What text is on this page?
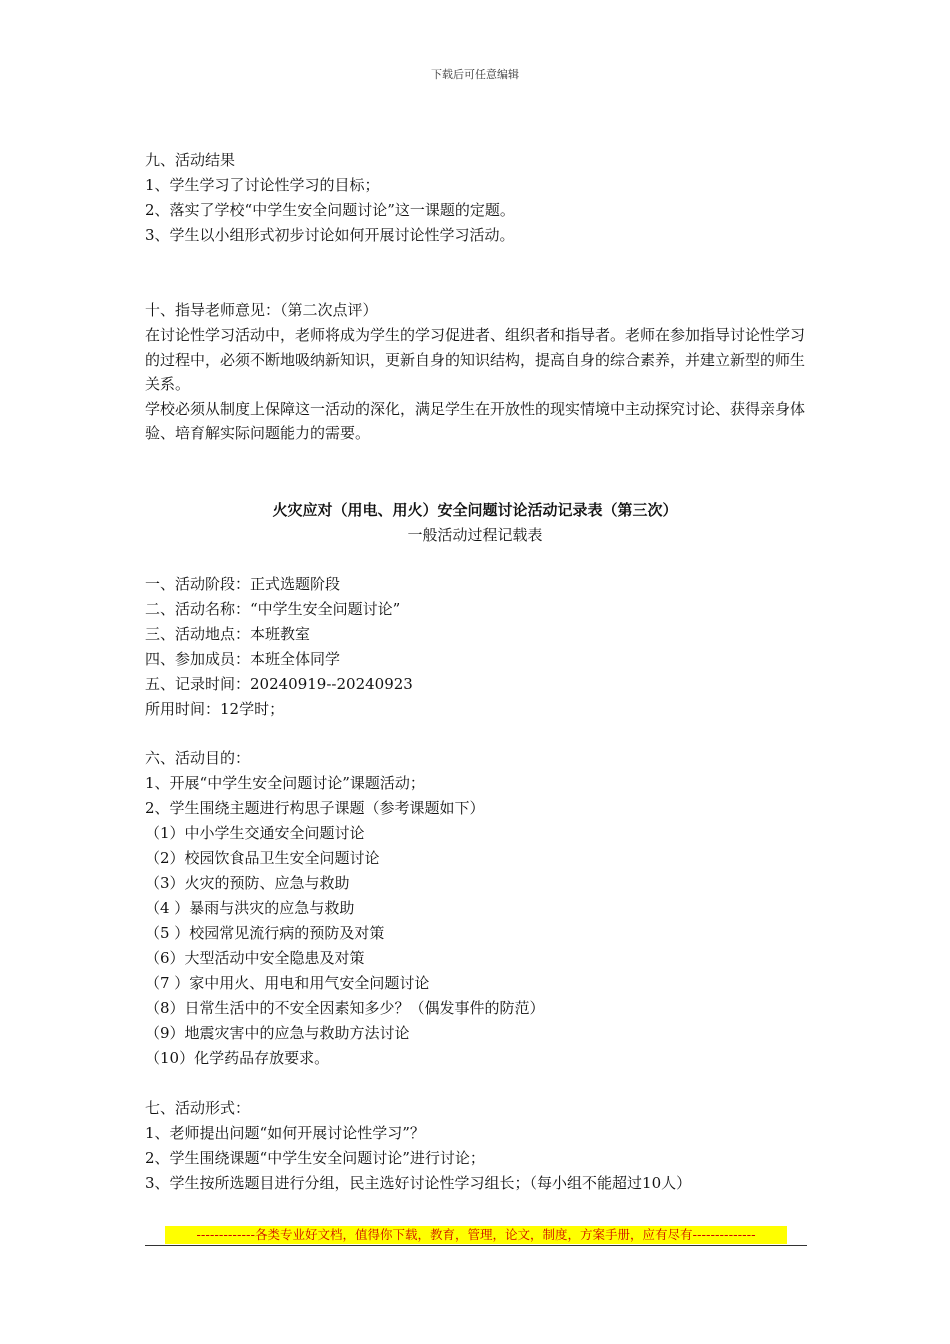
下载后可任意编辑
九、活动结果
1、学生学习了讨论性学习的目标；
2、落实了学校“中学生安全问题讨论”这一课题的定题。
3、学生以小组形式初步讨论如何开展讨论性学习活动。
十、指导老师意见：（第二次点评）
在讨论性学习活动中，老师将成为学生的学习促进者、组织者和指导者。老师在参加指导讨论性学习的过程中，必须不断地吸纳新知识，更新自身的知识结构，提高自身的综合素养，并建立新型的师生关系。
学校必须从制度上保障这一活动的深化，满足学生在开放性的现实情境中主动探究讨论、获得亲身体验、培育解实际问题能力的需要。
火灾应对（用电、用火）安全问题讨论活动记录表（第三次）
一般活动过程记载表
一、活动阶段：正式选题阶段
二、活动名称：“中学生安全问题讨论”
三、活动地点：本班教室
四、参加成员：本班全体同学
五、记录时间：20240919--20240923
所用时间：12学时；
六、活动目的：
1、开展“中学生安全问题讨论”课题活动；
2、学生围绕主题进行构思子课题（参考课题如下）
（1）中小学生交通安全问题讨论
（2）校园饮食品卫生安全问题讨论
（3）火灾的预防、应急与救助
（4 ）暴雨与洪灾的应急与救助
（5 ）校园常见流行病的预防及对策
（6）大型活动中安全隐患及对策
（7 ）家中用火、用电和用气安全问题讨论
（8）日常生活中的不安全因素知多少？（偶发事件的防范）
（9）地震灾害中的应急与救助方法讨论
（10）化学药品存放要求。
七、活动形式：
1、老师提出问题“如何开展讨论性学习”？
2、学生围绕课题“中学生安全问题讨论”进行讨论；
3、学生按所选题目进行分组，民主选好讨论性学习组长；（每小组不能超过10人）
-------------各类专业好文档，值得你下载，教育，管理，论文，制度，方案手册，应有尽有--------------
